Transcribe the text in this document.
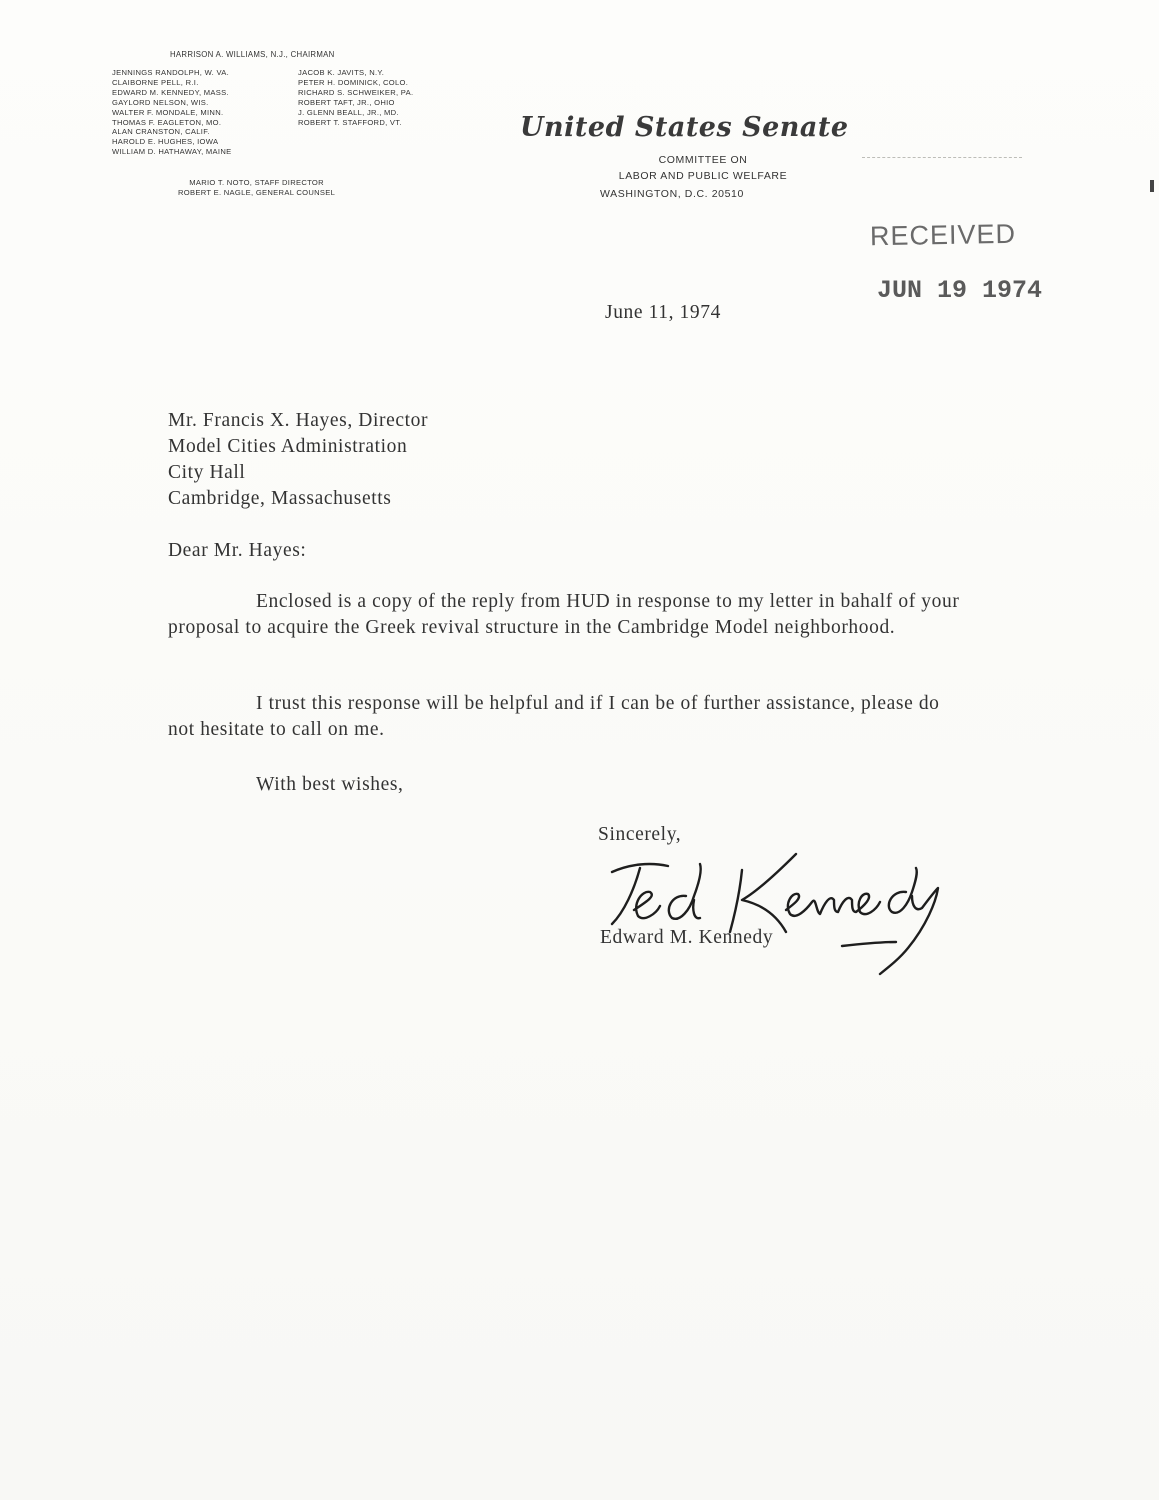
HARRISON A. WILLIAMS, N.J., CHAIRMAN
JENNINGS RANDOLPH, W. VA.
CLAIBORNE PELL, R.I.
EDWARD M. KENNEDY, MASS.
GAYLORD NELSON, WIS.
WALTER F. MONDALE, MINN.
THOMAS F. EAGLETON, MO.
ALAN CRANSTON, CALIF.
HAROLD E. HUGHES, IOWA
WILLIAM D. HATHAWAY, MAINE
JACOB K. JAVITS, N.Y.
PETER H. DOMINICK, COLO.
RICHARD S. SCHWEIKER, PA.
ROBERT TAFT, JR., OHIO
J. GLENN BEALL, JR., MD.
ROBERT T. STAFFORD, VT.
MARIO T. NOTO, STAFF DIRECTOR
ROBERT E. NAGLE, GENERAL COUNSEL
United States Senate
COMMITTEE ON
LABOR AND PUBLIC WELFARE
WASHINGTON, D.C. 20510
RECEIVED
JUN 19 1974
June 11, 1974
Mr. Francis X. Hayes, Director
Model Cities Administration
City Hall
Cambridge, Massachusetts
Dear Mr. Hayes:
Enclosed is a copy of the reply from HUD in response to my letter in bahalf of your proposal to acquire the Greek revival structure in the Cambridge Model neighborhood.
I trust this response will be helpful and if I can be of further assistance, please do not hesitate to call on me.
With best wishes,
Sincerely,
Edward M. Kennedy
